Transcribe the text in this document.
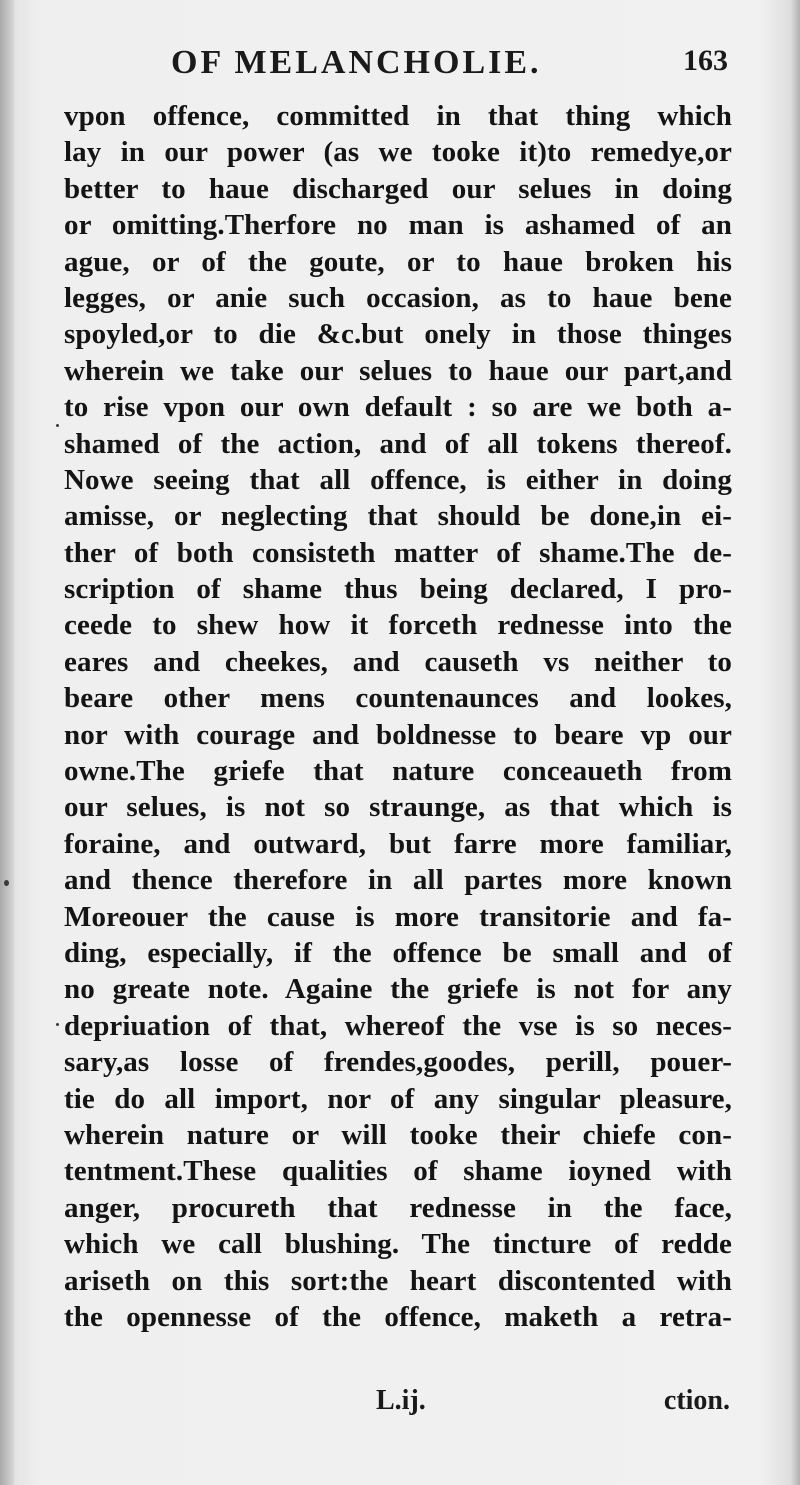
OF MELANCHOLIE.	163
vpon offence, committed in that thing which
lay in our power (as we tooke it)to remedye,or
better to haue discharged our selues in doing
or omitting.Therfore no man is ashamed of an
ague, or of the goute, or to haue broken his
legges, or anie such occasion, as to haue bene
spoyled,or to die &c.but onely in those thinges
wherein we take our selues to haue our part,and
to rise vpon our own default : so are we both a-
shamed of the action, and of all tokens thereof.
Nowe seeing that all offence, is either in doing
amisse, or neglecting that should be done,in ei-
ther of both consisteth matter of shame.The de-
scription of shame thus being declared, I pro-
ceede to shew how it forceth rednesse into the
eares and cheekes, and causeth vs neither to
beare other mens countenaunces and lookes,
nor with courage and boldnesse to beare vp our
owne.The griefe that nature conceaueth from
our selues, is not so straunge, as that which is
foraine, and outward, but farre more familiar,
and thence therefore in all partes more known
Moreouer the cause is more transitorie and fa-
ding, especially, if the offence be small and of
no greate note. Againe the griefe is not for any
depriuation of that, whereof the vse is so neces-
sary,as losse of frendes,goodes, perill, pouer-
tie do all import, nor of any singular pleasure,
wherein nature or will tooke their chiefe con-
tentment.These qualities of shame ioyned with
anger, procureth that rednesse in the face,
which we call blushing. The tincture of redde
ariseth on this sort:the heart discontented with
the opennesse of the offence, maketh a retra-
L.ij.	ction.
